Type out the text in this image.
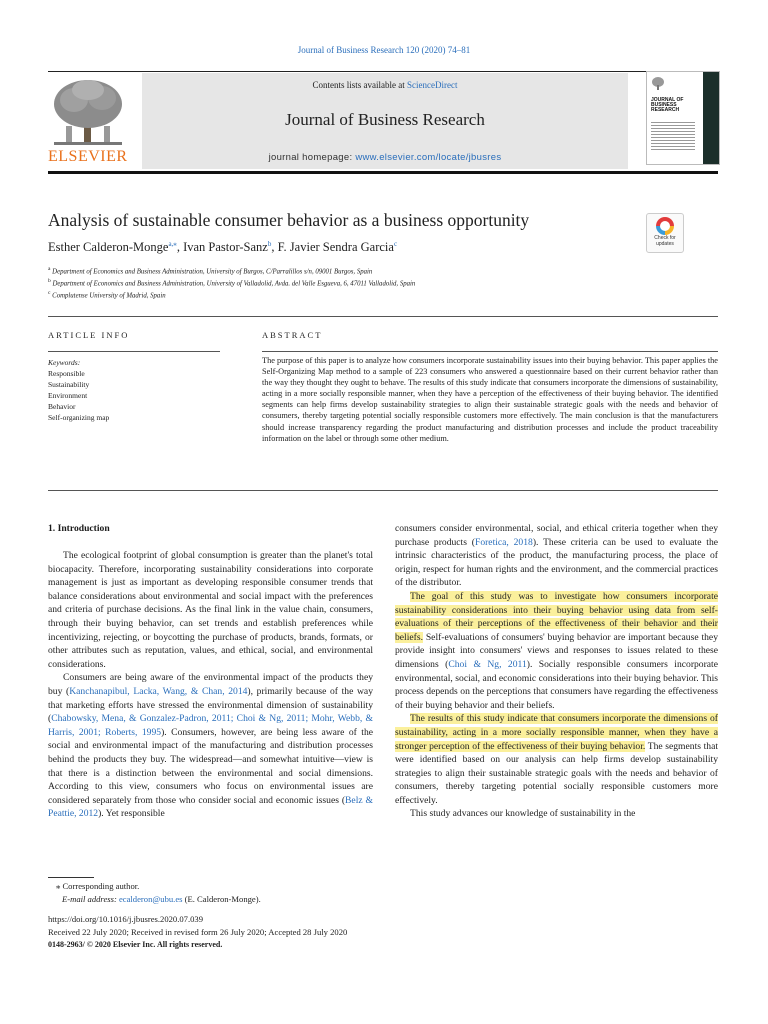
Journal of Business Research 120 (2020) 74–81
ELSEVIER
Contents lists available at ScienceDirect
Journal of Business Research
journal homepage: www.elsevier.com/locate/jbusres
JOURNAL OF BUSINESS RESEARCH
Analysis of sustainable consumer behavior as a business opportunity
Check for updates
Esther Calderon-Monge$^{a,⁎}$, Ivan Pastor-Sanz$^b$, F. Javier Sendra Garcia$^c$
$^a$ Department of Economics and Business Administration, University of Burgos, C/Parralillos s/n, 09001 Burgos, Spain
$^b$ Department of Economics and Business Administration, University of Valladolid, Avda. del Valle Esgueva, 6, 47011 Valladolid, Spain
$^c$ Complutense University of Madrid, Spain
ARTICLE INFO
Keywords:
Responsible
Sustainability
Environment
Behavior
Self-organizing map
ABSTRACT
The purpose of this paper is to analyze how consumers incorporate sustainability issues into their buying behavior. This paper applies the Self-Organizing Map method to a sample of 223 consumers who answered a questionnaire based on their current behavior rather than the way they thought they ought to behave. The results of this study indicate that consumers incorporate the dimensions of sustainability, acting in a more socially responsible manner, when they have a perception of the effectiveness of their buying behavior. The identified segments can help firms develop sustainability strategies to align their sustainable strategic goals with the needs and behavior of consumers, thereby targeting potential socially responsible customers more effectively. The main conclusion is that the manufacturers should increase transparency regarding the product manufacturing and distribution processes and include the product traceability information on the label or through some other medium.
1. Introduction

The ecological footprint of global consumption is greater than the planet's total biocapacity. Therefore, incorporating sustainability considerations into corporate management is just as important as developing responsible consumer trends that balance considerations about environmental and social impact with the preferences and criteria of purchase decisions. As the final link in the value chain, consumers, through their buying behavior, can set trends and establish preferences while incentivizing, rejecting, or boycotting the purchase of products, brands, formats, or other attributes such as reputation, values, and ethical, social, and environmental considerations.

Consumers are being aware of the environmental impact of the products they buy (Kanchanapibul, Lacka, Wang, & Chan, 2014), primarily because of the way that marketing efforts have stressed the environmental dimension of sustainability (Chabowsky, Mena, & Gonzalez-Padron, 2011; Choi & Ng, 2011; Mohr, Webb, & Harris, 2001; Roberts, 1995). Consumers, however, are being less aware of the social and environmental impact of the manufacturing and distribution processes behind the products they buy. The widespread—and somewhat intuitive—view is that there is a distinction between the environmental and social dimensions. According to this view, consumers who focus on environmental issues are considered separately from those who consider social and economic issues (Belz & Peattie, 2012). Yet responsible

consumers consider environmental, social, and ethical criteria together when they purchase products (Foretica, 2018). These criteria can be used to evaluate the intrinsic characteristics of the product, the manufacturing process, the place of origin, respect for human rights and the environment, and the commercial practices of the distributor.

The goal of this study was to investigate how consumers incorporate sustainability considerations into their buying behavior using data from self-evaluations of their perceptions of the effectiveness of their behavior and their beliefs. Self-evaluations of consumers' buying behavior are important because they provide insight into consumers' views and responses to issues related to these dimensions (Choi & Ng, 2011). Socially responsible consumers incorporate environmental, social, and economic considerations into their buying behavior. This process depends on the perceptions that consumers have regarding the effectiveness of their buying behavior and their beliefs.

The results of this study indicate that consumers incorporate the dimensions of sustainability, acting in a more socially responsible manner, when they have a stronger perception of the effectiveness of their buying behavior. The segments that were identified based on our analysis can help firms develop sustainability strategies to align their sustainable strategic goals with the needs and behavior of consumers, thereby targeting potential socially responsible customers more effectively.

This study advances our knowledge of sustainability in the

⁎ Corresponding author.
E-mail address: ecalderon@ubu.es (E. Calderon-Monge).
https://doi.org/10.1016/j.jbusres.2020.07.039
Received 22 July 2020; Received in revised form 26 July 2020; Accepted 28 July 2020
0148-2963/ © 2020 Elsevier Inc. All rights reserved.
